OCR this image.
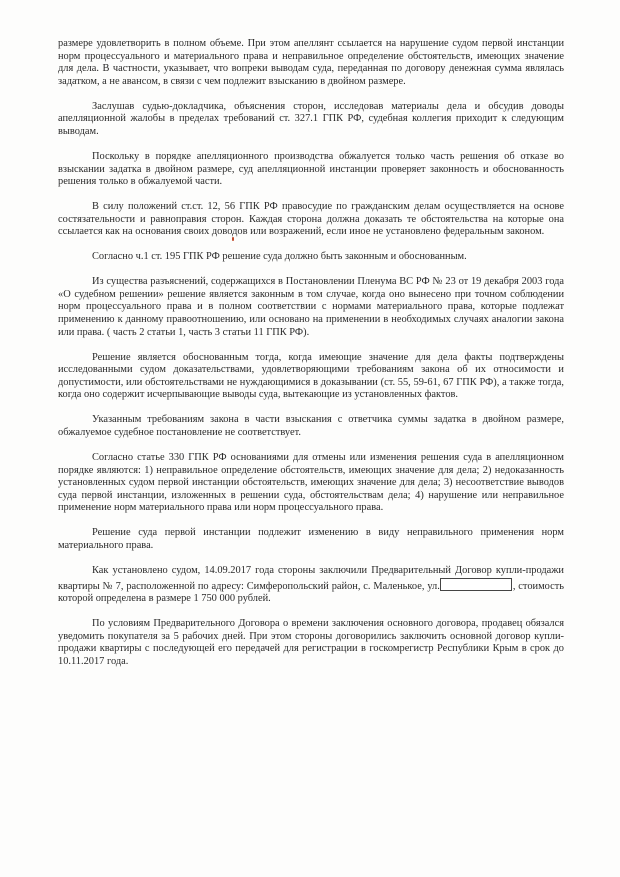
размере удовлетворить в полном объеме. При этом апеллянт ссылается на нарушение судом первой инстанции норм процессуального и материального права и неправильное определение обстоятельств, имеющих значение для дела. В частности, указывает, что вопреки выводам суда, переданная по договору денежная сумма являлась задатком, а не авансом, в связи с чем подлежит взысканию в двойном размере.

Заслушав судью-докладчика, объяснения сторон, исследовав материалы дела и обсудив доводы апелляционной жалобы в пределах требований ст. 327.1 ГПК РФ, судебная коллегия приходит к следующим выводам.

Поскольку в порядке апелляционного производства обжалуется только часть решения об отказе во взыскании задатка в двойном размере, суд апелляционной инстанции проверяет законность и обоснованность решения только в обжалуемой части.

В силу положений ст.ст. 12, 56 ГПК РФ правосудие по гражданским делам осуществляется на основе состязательности и равноправия сторон. Каждая сторона должна доказать те обстоятельства на которые она ссылается как на основания своих доводов или возражений, если иное не установлено федеральным законом.

Согласно ч.1 ст. 195 ГПК РФ решение суда должно быть законным и обоснованным.

Из существа разъяснений, содержащихся в Постановлении Пленума ВС РФ № 23 от 19 декабря 2003 года «О судебном решении» решение является законным в том случае, когда оно вынесено при точном соблюдении норм процессуального права и в полном соответствии с нормами материального права, которые подлежат применению к данному правоотношению, или основано на применении в необходимых случаях аналогии закона или права. ( часть 2 статьи 1, часть 3 статьи 11 ГПК РФ).

Решение является обоснованным тогда, когда имеющие значение для дела факты подтверждены исследованными судом доказательствами, удовлетворяющими требованиям закона об их относимости и допустимости, или обстоятельствами не нуждающимися в доказывании (ст. 55, 59-61, 67 ГПК РФ), а также тогда, когда оно содержит исчерпывающие выводы суда, вытекающие из установленных фактов.

Указанным требованиям закона в части взыскания с ответчика суммы задатка в двойном размере, обжалуемое судебное постановление не соответствует.

Согласно статье 330 ГПК РФ основаниями для отмены или изменения решения суда в апелляционном порядке являются: 1) неправильное определение обстоятельств, имеющих значение для дела; 2) недоказанность установленных судом первой инстанции обстоятельств, имеющих значение для дела; 3) несоответствие выводов суда первой инстанции, изложенных в решении суда, обстоятельствам дела; 4) нарушение или неправильное применение норм материального права или норм процессуального права.

Решение суда первой инстанции подлежит изменению в виду неправильного применения норм материального права.

Как установлено судом, 14.09.2017 года стороны заключили Предварительный Договор купли-продажи квартиры № 7, расположенной по адресу: Симферопольский район, с. Маленькое, ул.	, стоимость которой определена в размере 1 750 000 рублей.

По условиям Предварительного Договора о времени заключения основного договора, продавец обязался уведомить покупателя за 5 рабочих дней. При этом стороны договорились заключить основной договор купли-продажи квартиры с последующей его передачей для регистрации в госкомрегистр Республики Крым в срок до 10.11.2017 года.
